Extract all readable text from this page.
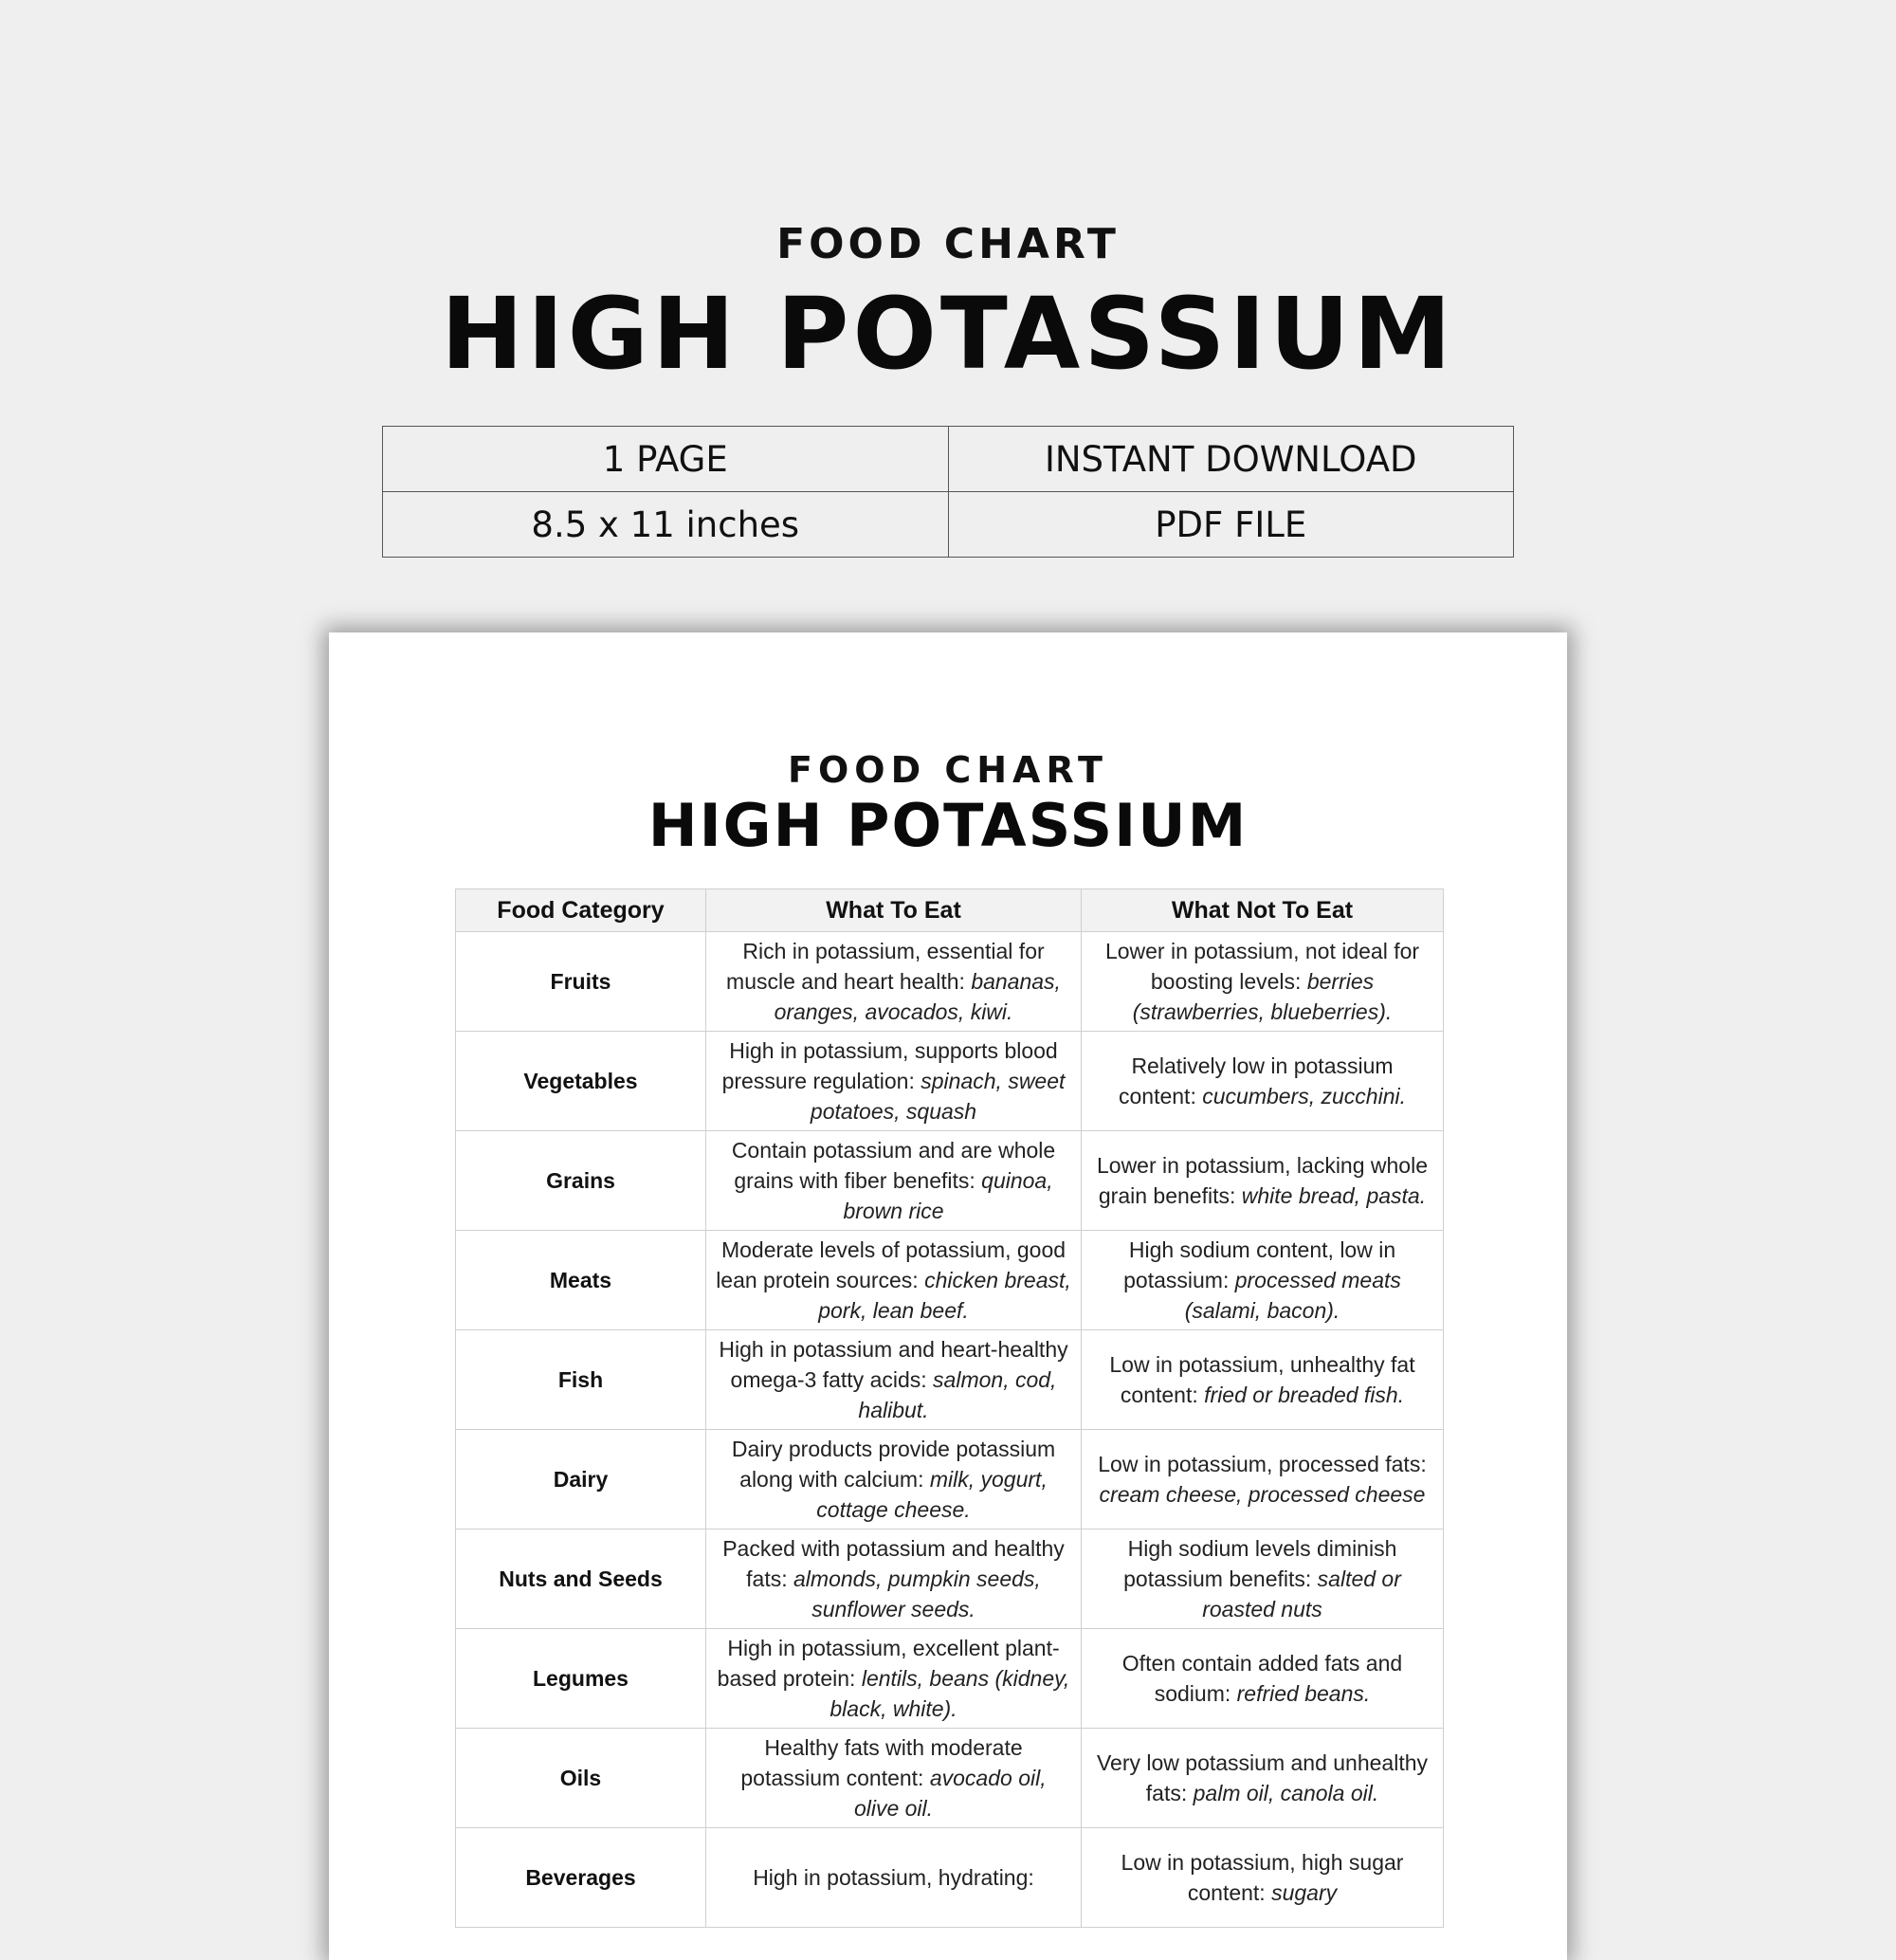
FOOD CHART
HIGH POTASSIUM
1 PAGE	INSTANT DOWNLOAD
8.5 x 11 inches	PDF FILE
FOOD CHART
HIGH POTASSIUM
Food Category	What To Eat	What Not To Eat
Fruits	Rich in potassium, essential for muscle and heart health: bananas, oranges, avocados, kiwi.	Lower in potassium, not ideal for boosting levels: berries (strawberries, blueberries).
Vegetables	High in potassium, supports blood pressure regulation: spinach, sweet potatoes, squash	Relatively low in potassium content: cucumbers, zucchini.
Grains	Contain potassium and are whole grains with fiber benefits: quinoa, brown rice	Lower in potassium, lacking whole grain benefits: white bread, pasta.
Meats	Moderate levels of potassium, good lean protein sources: chicken breast, pork, lean beef.	High sodium content, low in potassium: processed meats (salami, bacon).
Fish	High in potassium and heart-healthy omega-3 fatty acids: salmon, cod, halibut.	Low in potassium, unhealthy fat content: fried or breaded fish.
Dairy	Dairy products provide potassium along with calcium: milk, yogurt, cottage cheese.	Low in potassium, processed fats: cream cheese, processed cheese
Nuts and Seeds	Packed with potassium and healthy fats: almonds, pumpkin seeds, sunflower seeds.	High sodium levels diminish potassium benefits: salted or roasted nuts
Legumes	High in potassium, excellent plant-based protein: lentils, beans (kidney, black, white).	Often contain added fats and sodium: refried beans.
Oils	Healthy fats with moderate potassium content: avocado oil, olive oil.	Very low potassium and unhealthy fats: palm oil, canola oil.
Beverages	High in potassium, hydrating:	Low in potassium, high sugar content: sugary
